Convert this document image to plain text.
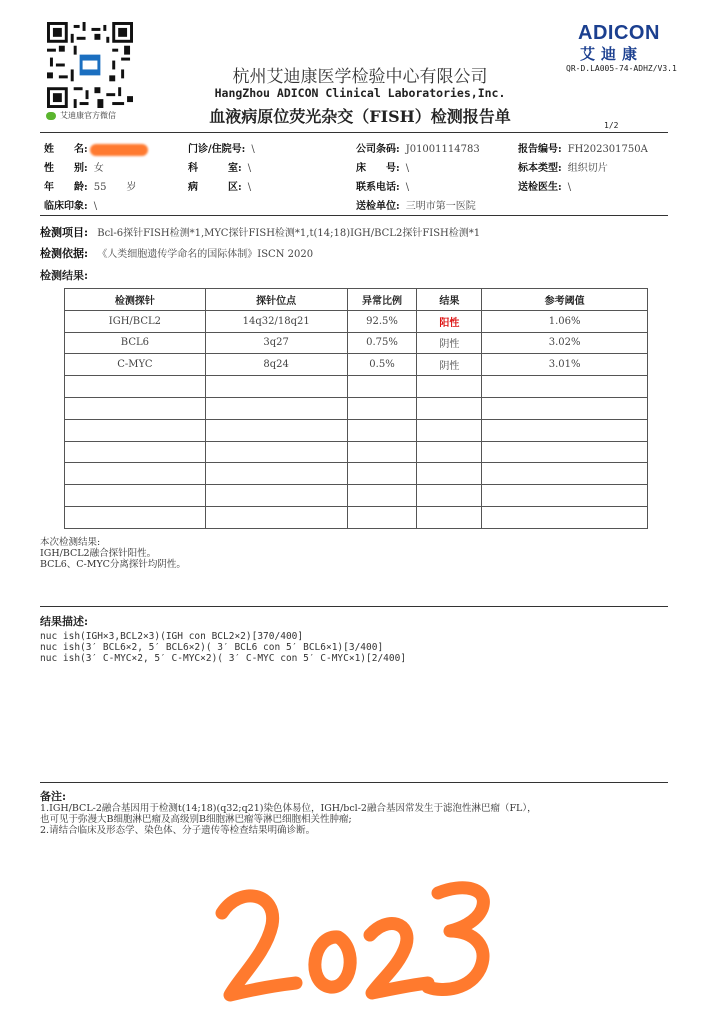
艾迪康官方微信
杭州艾迪康医学检验中心有限公司
HangZhou ADICON Clinical Laboratories,Inc.
血液病原位荧光杂交（FISH）检测报告单
ADICON
艾迪康
QR-D.LA005-74-ADHZ/V3.1
1/2
姓　　名:
性　　别: 女
年　　龄: 55　　岁
临床印象: \
门诊/住院号: \
科　　　室: \
病　　　区: \
公司条码: J01001114783
床　　号: \
联系电话: \
送检单位: 三明市第一医院
报告编号: FH202301750A
标本类型: 组织切片
送检医生: \
检测项目: Bcl-6探针FISH检测*1,MYC探针FISH检测*1,t(14;18)IGH/BCL2探针FISH检测*1
检测依据: 《人类细胞遗传学命名的国际体制》ISCN 2020
检测结果:
检测探针	探针位点	异常比例	结果	参考阈值
IGH/BCL2	14q32/18q21	92.5%	阳性	1.06%
BCL6	3q27	0.75%	阴性	3.02%
C-MYC	8q24	0.5%	阴性	3.01%

本次检测结果:
IGH/BCL2融合探针阳性。
BCL6、C-MYC分离探针均阴性。
结果描述:
nuc ish(IGH×3,BCL2×3)(IGH con BCL2×2)[370/400]
nuc ish(3′ BCL6×2, 5′ BCL6×2)( 3′ BCL6 con 5′ BCL6×1)[3/400]
nuc ish(3′ C-MYC×2, 5′ C-MYC×2)( 3′ C-MYC con 5′ C-MYC×1)[2/400]
备注:
1.IGH/BCL-2融合基因用于检测t(14;18)(q32;q21)染色体易位，IGH/bcl-2融合基因常发生于滤泡性淋巴瘤（FL），
也可见于弥漫大B细胞淋巴瘤及高级别B细胞淋巴瘤等淋巴细胞相关性肿瘤;
2.请结合临床及形态学、染色体、分子遗传等检查结果明确诊断。
